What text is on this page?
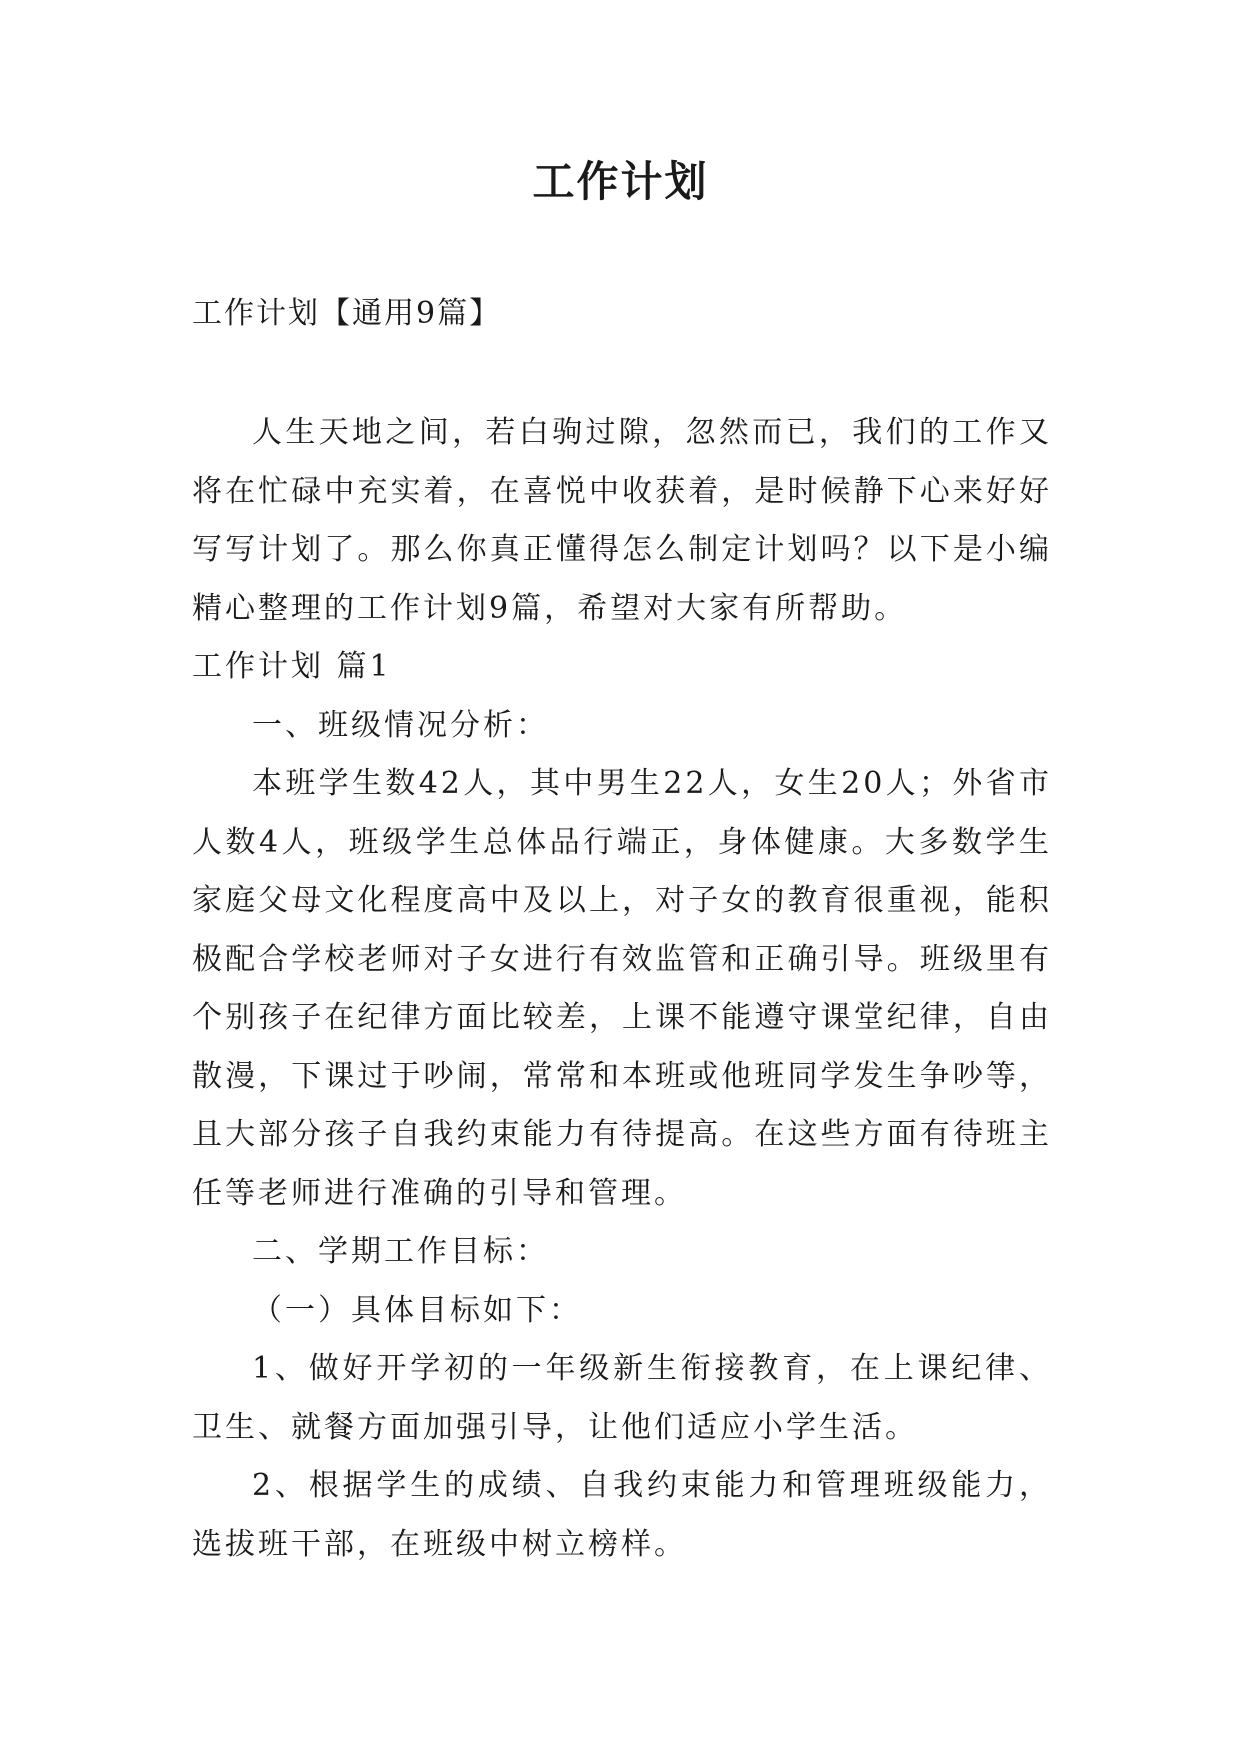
工作计划
工作计划【通用9篇】

人生天地之间，若白驹过隙，忽然而已，我们的工作又将在忙碌中充实着，在喜悦中收获着，是时候静下心来好好写写计划了。那么你真正懂得怎么制定计划吗？以下是小编精心整理的工作计划9篇，希望对大家有所帮助。

工作计划 篇1

一、班级情况分析：

本班学生数42人，其中男生22人，女生20人；外省市人数4人，班级学生总体品行端正，身体健康。大多数学生家庭父母文化程度高中及以上，对子女的教育很重视，能积极配合学校老师对子女进行有效监管和正确引导。班级里有个别孩子在纪律方面比较差，上课不能遵守课堂纪律，自由散漫，下课过于吵闹，常常和本班或他班同学发生争吵等，且大部分孩子自我约束能力有待提高。在这些方面有待班主任等老师进行准确的引导和管理。

二、学期工作目标：

（一）具体目标如下：

1、做好开学初的一年级新生衔接教育，在上课纪律、卫生、就餐方面加强引导，让他们适应小学生活。

2、根据学生的成绩、自我约束能力和管理班级能力，选拔班干部，在班级中树立榜样。
